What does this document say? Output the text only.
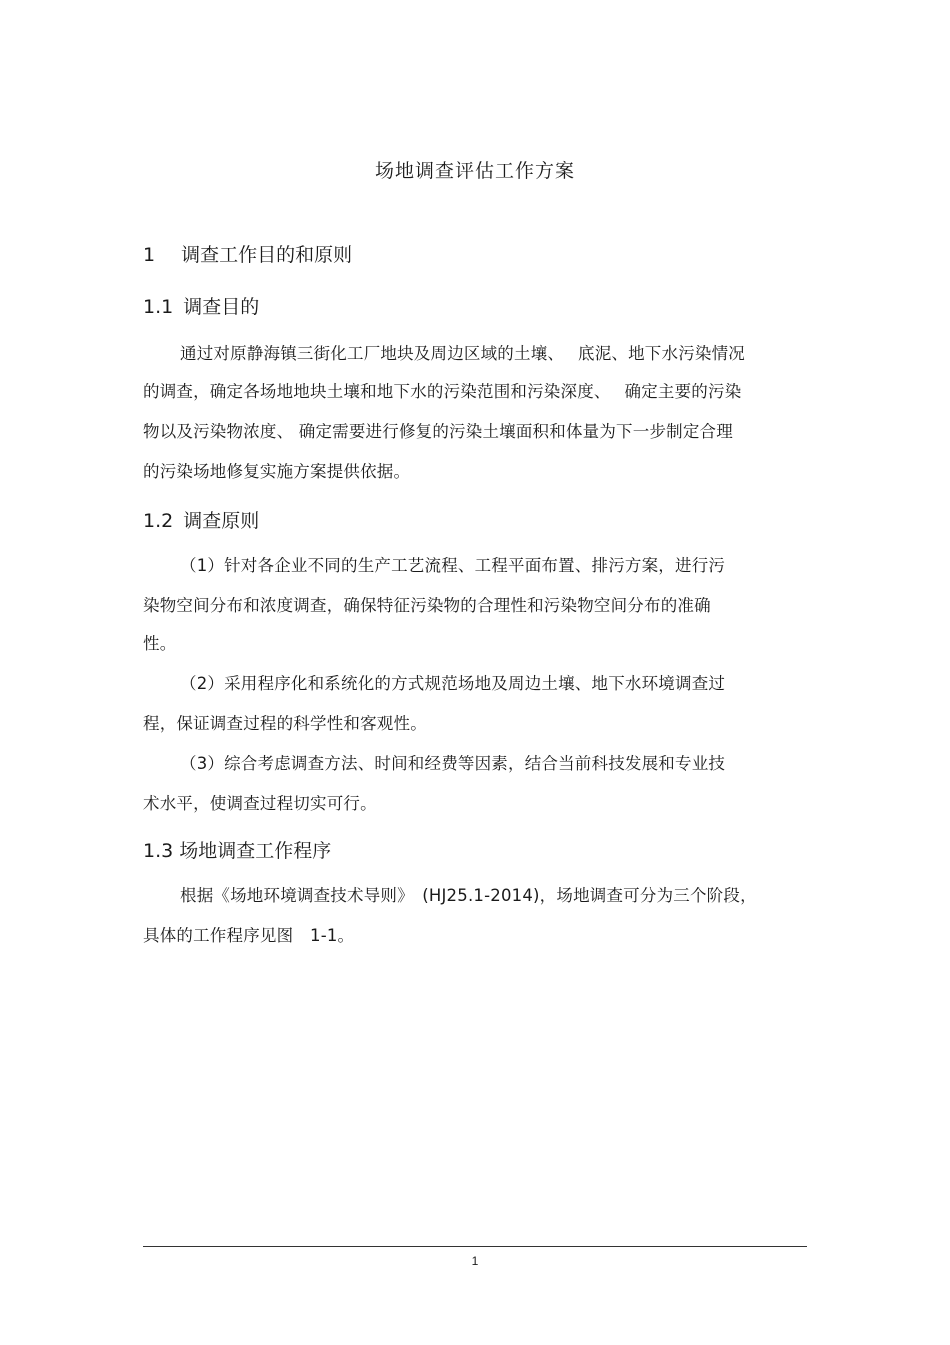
场地调查评估工作方案
1 调查工作目的和原则
1.1 调查目的
通过对原静海镇三街化工厂地块及周边区域的土壤、　 底泥、地下水污染情况
的调查，确定各场地地块土壤和地下水的污染范围和污染深度、　 确定主要的污染
物以及污染物浓度、 确定需要进行修复的污染土壤面积和体量为下一步制定合理
的污染场地修复实施方案提供依据。
1.2 调查原则
（1）针对各企业不同的生产工艺流程、工程平面布置、排污方案，进行污
染物空间分布和浓度调查，确保特征污染物的合理性和污染物空间分布的准确
性。
（2）采用程序化和系统化的方式规范场地及周边土壤、地下水环境调查过
程，保证调查过程的科学性和客观性。
（3）综合考虑调查方法、时间和经费等因素，结合当前科技发展和专业技
术水平，使调查过程切实可行。
1.3 场地调查工作程序
根据《场地环境调查技术导则》　(HJ25.1-2014)，场地调查可分为三个阶段，
具体的工作程序见图　1-1。
1
